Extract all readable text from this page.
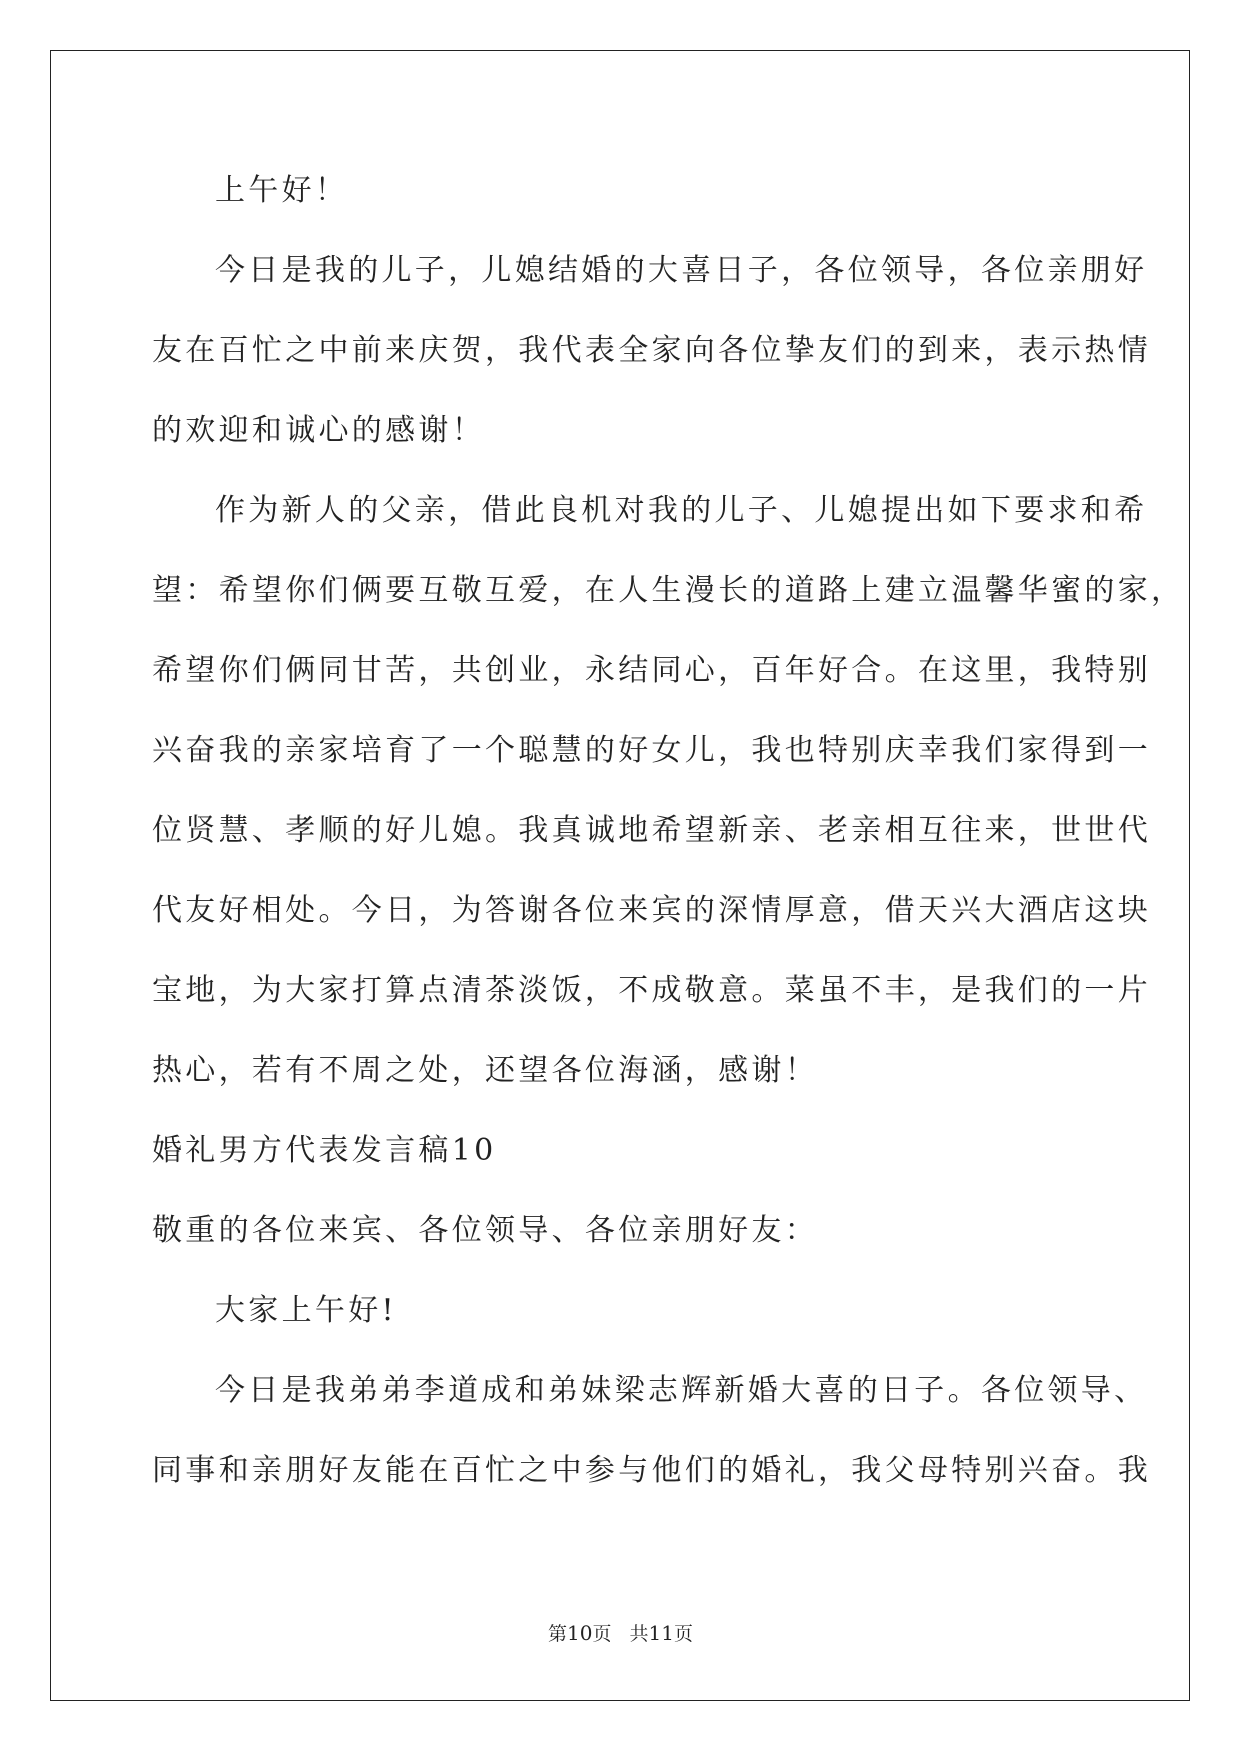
上午好！
今日是我的儿子，儿媳结婚的大喜日子，各位领导，各位亲朋好
友在百忙之中前来庆贺，我代表全家向各位挚友们的到来，表示热情
的欢迎和诚心的感谢！
作为新人的父亲，借此良机对我的儿子、儿媳提出如下要求和希
望：希望你们俩要互敬互爱，在人生漫长的道路上建立温馨华蜜的家，
希望你们俩同甘苦，共创业，永结同心，百年好合。在这里，我特别
兴奋我的亲家培育了一个聪慧的好女儿，我也特别庆幸我们家得到一
位贤慧、孝顺的好儿媳。我真诚地希望新亲、老亲相互往来，世世代
代友好相处。今日，为答谢各位来宾的深情厚意，借天兴大酒店这块
宝地，为大家打算点清茶淡饭，不成敬意。菜虽不丰，是我们的一片
热心，若有不周之处，还望各位海涵，感谢！
婚礼男方代表发言稿10
敬重的各位来宾、各位领导、各位亲朋好友：
大家上午好!
今日是我弟弟李道成和弟妹梁志辉新婚大喜的日子。各位领导、
同事和亲朋好友能在百忙之中参与他们的婚礼，我父母特别兴奋。我
第10页 共11页
